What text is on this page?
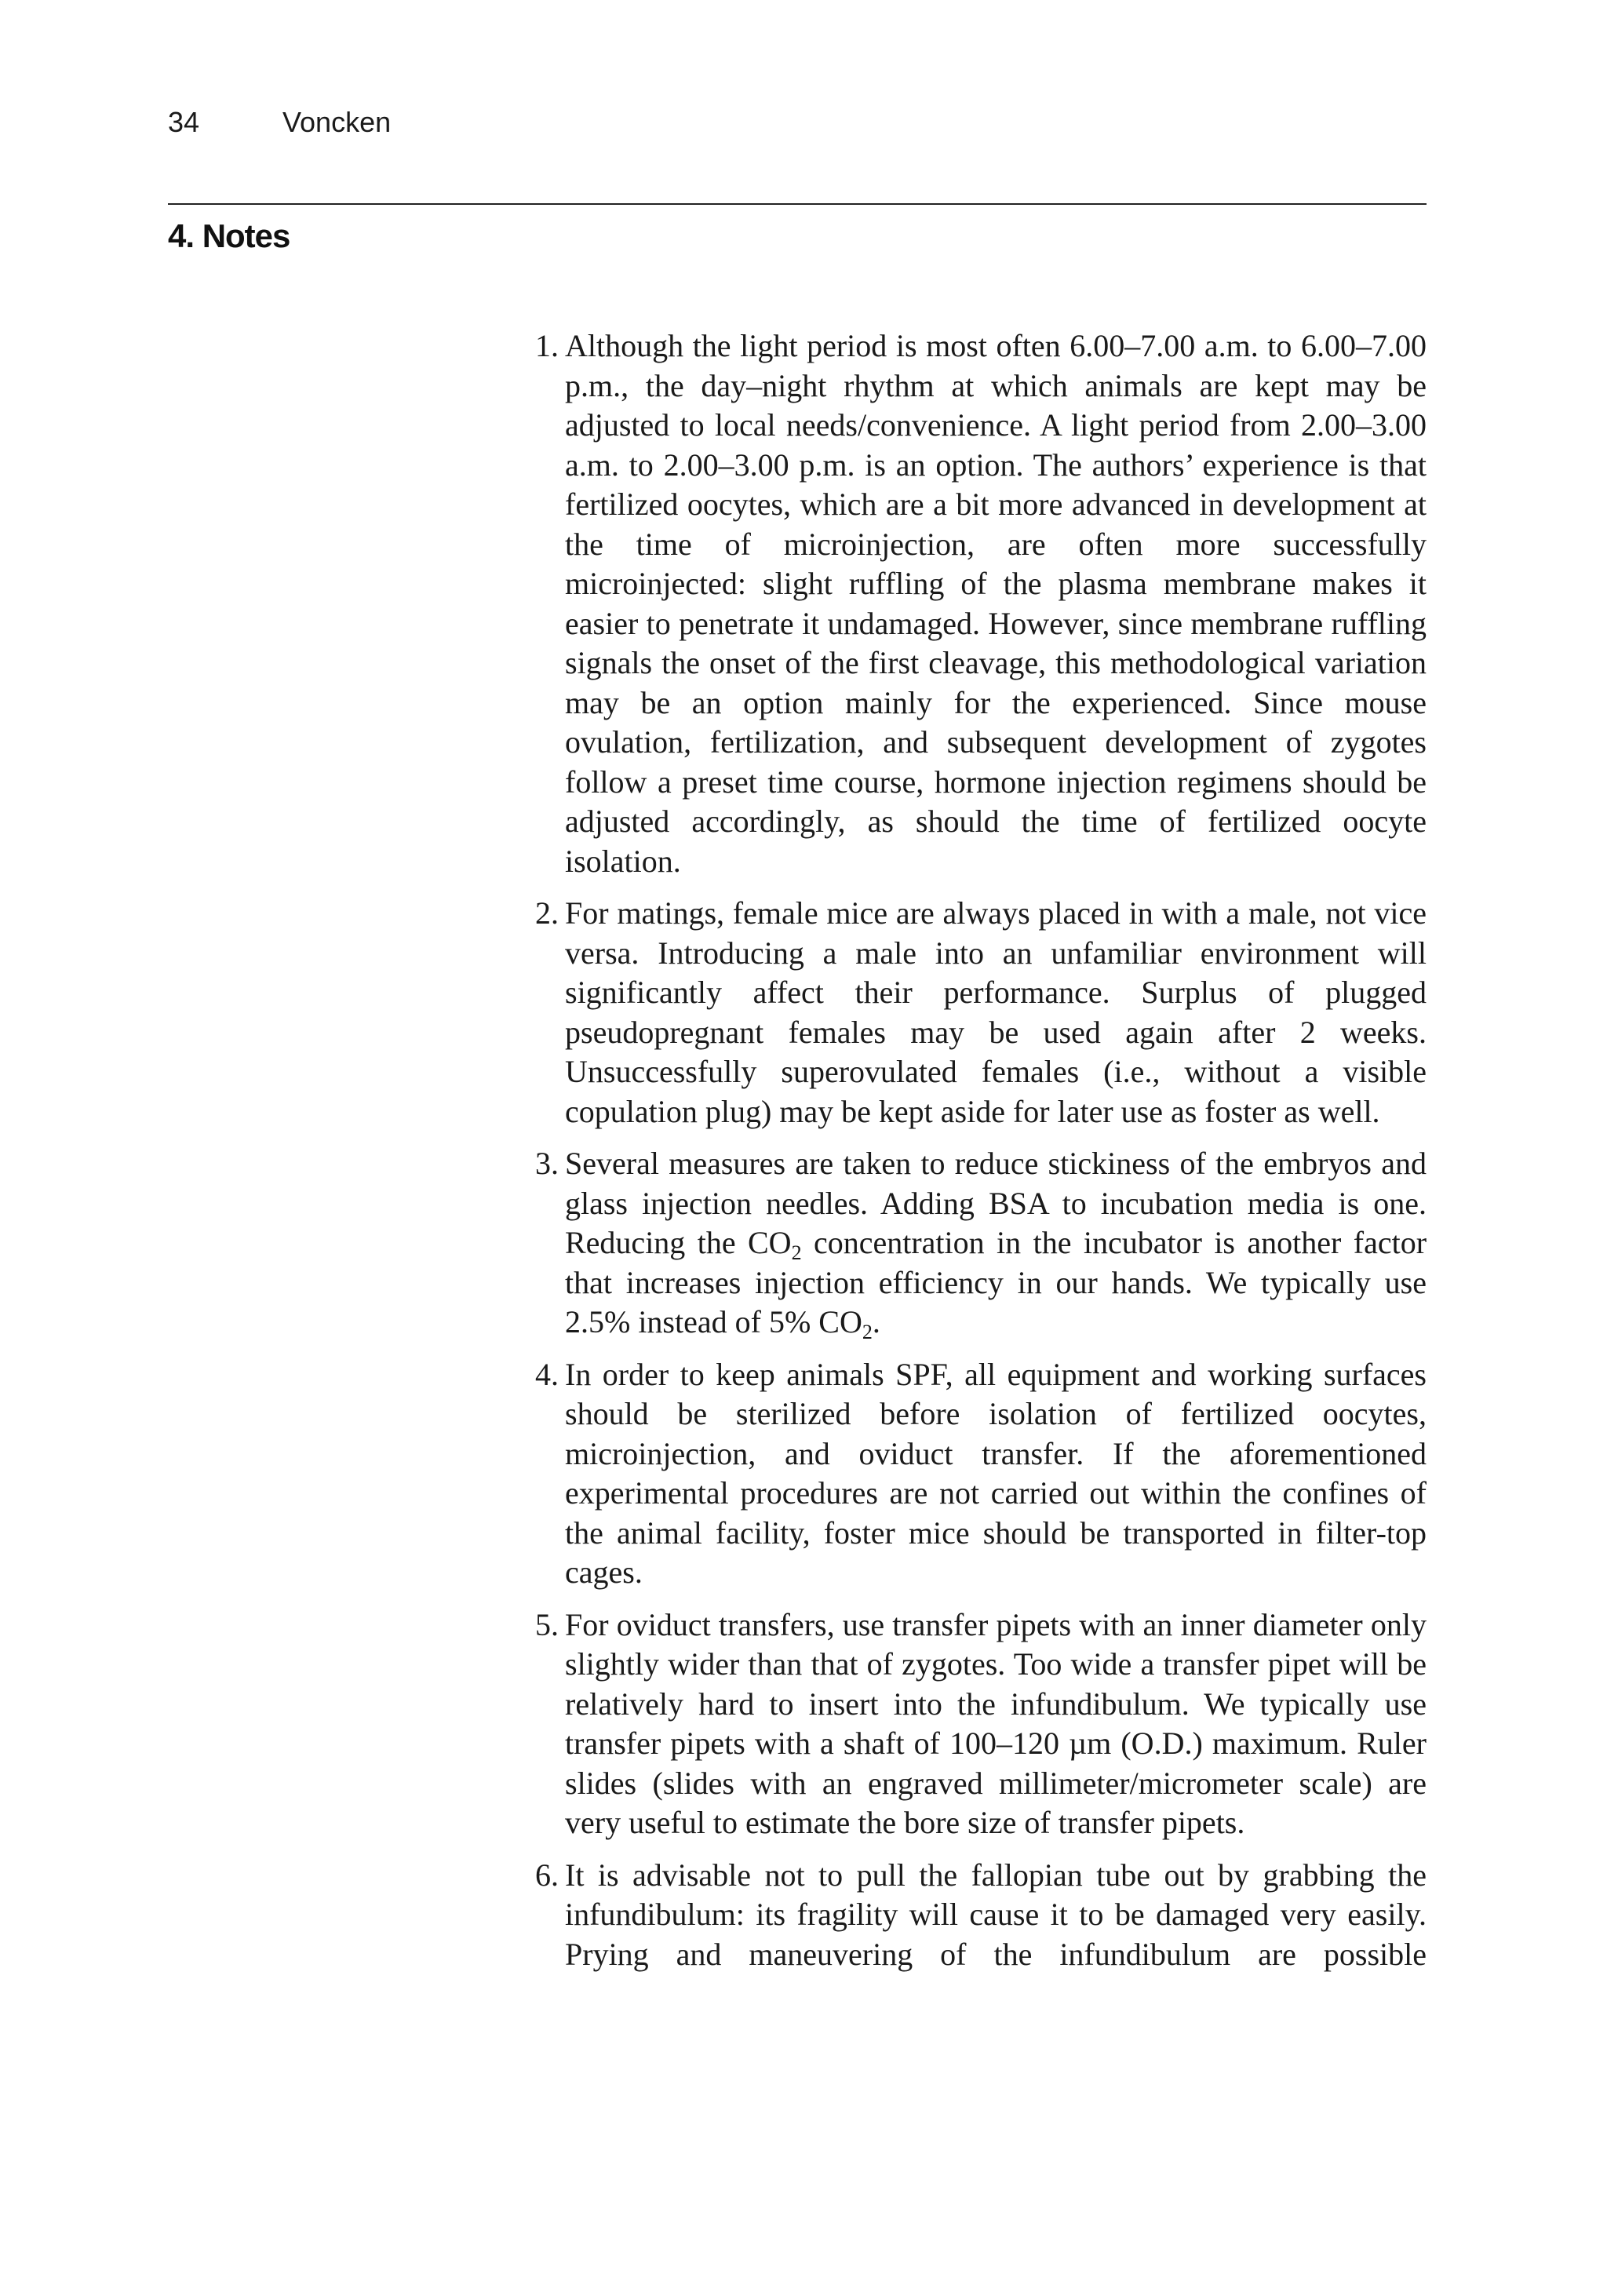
34	Voncken
4. Notes
1. Although the light period is most often 6.00–7.00 a.m. to 6.00–7.00 p.m., the day–night rhythm at which animals are kept may be adjusted to local needs/convenience. A light period from 2.00–3.00 a.m. to 2.00–3.00 p.m. is an option. The authors’ experience is that fertilized oocytes, which are a bit more advanced in development at the time of microinjection, are often more successfully microinjected: slight ruffling of the plasma membrane makes it easier to penetrate it undamaged. However, since membrane ruffling signals the onset of the first cleavage, this methodological variation may be an option mainly for the experienced. Since mouse ovulation, fertilization, and subsequent development of zygotes follow a preset time course, hormone injection regimens should be adjusted accordingly, as should the time of fertilized oocyte isolation.
2. For matings, female mice are always placed in with a male, not vice versa. Introducing a male into an unfamiliar environment will significantly affect their performance. Surplus of plugged pseudopregnant females may be used again after 2 weeks. Unsuccessfully superovulated females (i.e., without a visible copulation plug) may be kept aside for later use as foster as well.
3. Several measures are taken to reduce stickiness of the embryos and glass injection needles. Adding BSA to incubation media is one. Reducing the $CO_2$ concentration in the incubator is another factor that increases injection efficiency in our hands. We typically use 2.5% instead of 5% $CO_2$.
4. In order to keep animals SPF, all equipment and working surfaces should be sterilized before isolation of fertilized oocytes, microinjection, and oviduct transfer. If the aforementioned experimental procedures are not carried out within the confines of the animal facility, foster mice should be transported in filter-top cages.
5. For oviduct transfers, use transfer pipets with an inner diameter only slightly wider than that of zygotes. Too wide a transfer pipet will be relatively hard to insert into the infundibulum. We typically use transfer pipets with a shaft of 100–120 µm (O.D.) maximum. Ruler slides (slides with an engraved millimeter/micrometer scale) are very useful to estimate the bore size of transfer pipets.
6. It is advisable not to pull the fallopian tube out by grabbing the infundibulum: its fragility will cause it to be damaged very easily. Prying and maneuvering of the infundibulum are possible
